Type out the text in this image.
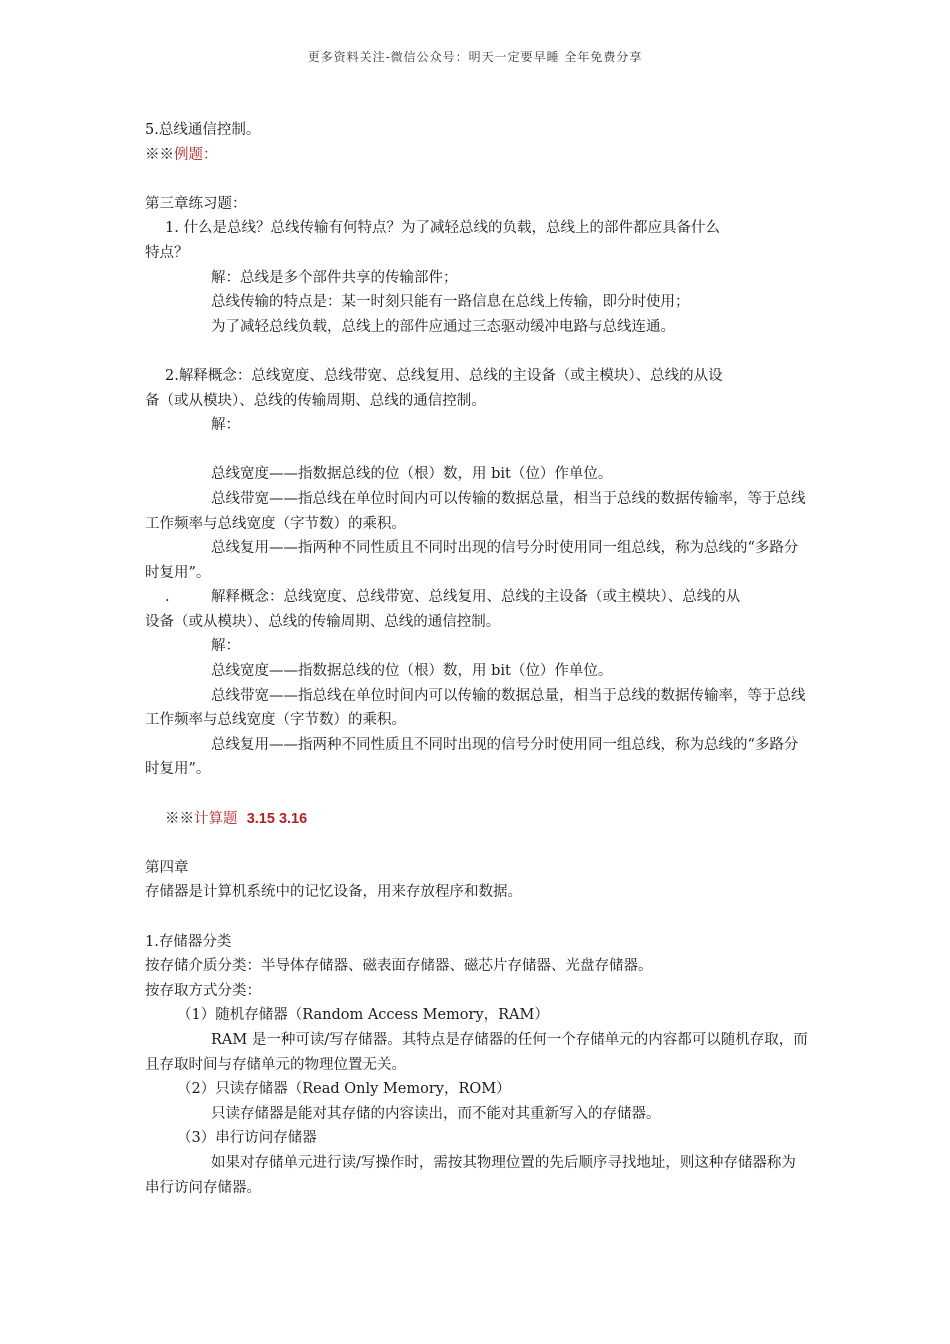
更多资料关注-微信公众号：明天一定要早睡 全年免费分享

5.总线通信控制。

※※例题：

第三章练习题：

1. 什么是总线？总线传输有何特点？为了减轻总线的负载，总线上的部件都应具备什么

特点？

解：总线是多个部件共享的传输部件；

总线传输的特点是：某一时刻只能有一路信息在总线上传输，即分时使用；

为了减轻总线负载，总线上的部件应通过三态驱动缓冲电路与总线连通。

2.解释概念：总线宽度、总线带宽、总线复用、总线的主设备（或主模块）、总线的从设

备（或从模块）、总线的传输周期、总线的通信控制。

解：

总线宽度——指数据总线的位（根）数，用 bit（位）作单位。

总线带宽——指总线在单位时间内可以传输的数据总量，相当于总线的数据传输率，等于总线工作频率与总线宽度（字节数）的乘积。

总线复用——指两种不同性质且不同时出现的信号分时使用同一组总线，称为总线的“多路分时复用”。

.	解释概念：总线宽度、总线带宽、总线复用、总线的主设备（或主模块）、总线的从

设备（或从模块）、总线的传输周期、总线的通信控制。

解：

总线宽度——指数据总线的位（根）数，用 bit（位）作单位。

总线带宽——指总线在单位时间内可以传输的数据总量，相当于总线的数据传输率，等于总线工作频率与总线宽度（字节数）的乘积。

总线复用——指两种不同性质且不同时出现的信号分时使用同一组总线，称为总线的“多路分时复用”。

※※计算题 3.15 3.16

第四章

存储器是计算机系统中的记忆设备，用来存放程序和数据。

1.存储器分类

按存储介质分类：半导体存储器、磁表面存储器、磁芯片存储器、光盘存储器。

按存取方式分类：

（1）随机存储器（Random Access Memory，RAM）

RAM 是一种可读/写存储器。其特点是存储器的任何一个存储单元的内容都可以随机存取，而且存取时间与存储单元的物理位置无关。

（2）只读存储器（Read Only Memory，ROM）

只读存储器是能对其存储的内容读出，而不能对其重新写入的存储器。

（3）串行访问存储器

如果对存储单元进行读/写操作时，需按其物理位置的先后顺序寻找地址，则这种存储器称为串行访问存储器。
